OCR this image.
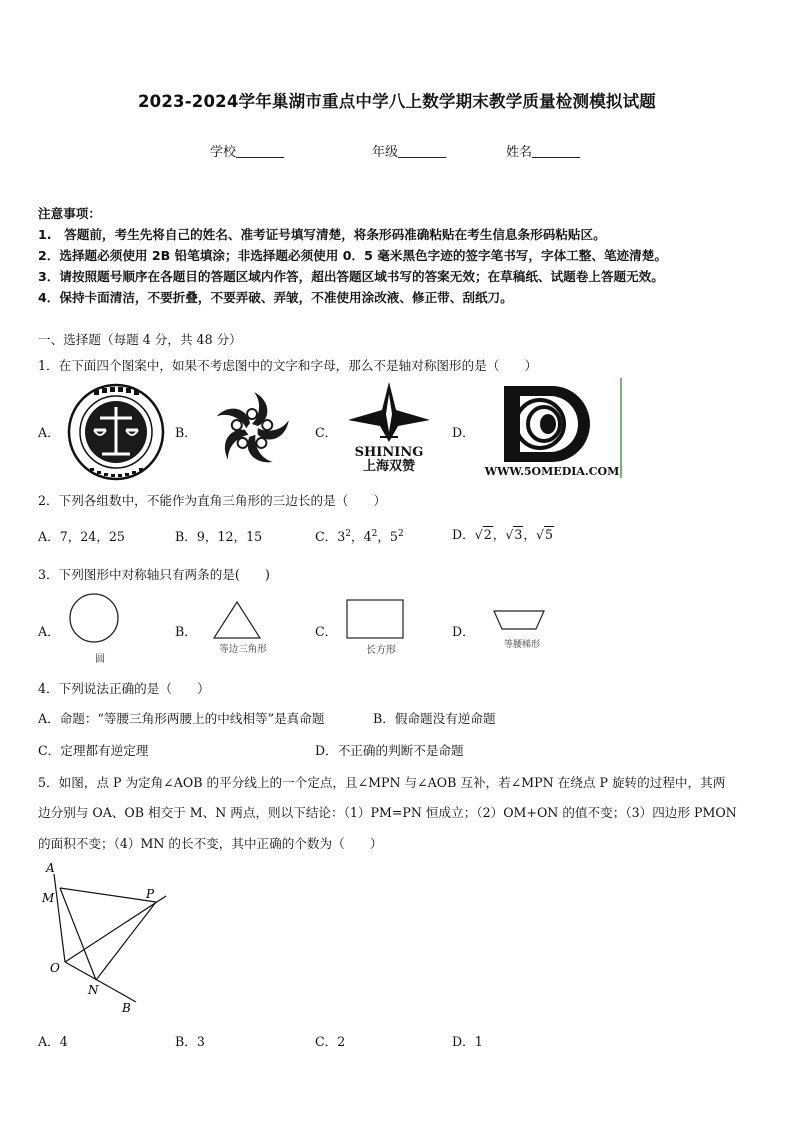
2023-2024学年巢湖市重点中学八上数学期末教学质量检测模拟试题
学校	年级	姓名
注意事项：
1.　答题前，考生先将自己的姓名、准考证号填写清楚，将条形码准确粘贴在考生信息条形码粘贴区。
2．选择题必须使用 2B 铅笔填涂；非选择题必须使用 0．5 毫米黑色字迹的签字笔书写，字体工整、笔迹清楚。
3．请按照题号顺序在各题目的答题区域内作答，超出答题区域书写的答案无效；在草稿纸、试题卷上答题无效。
4．保持卡面清洁，不要折叠，不要弄破、弄皱，不准使用涂改液、修正带、刮纸刀。
一、选择题（每题 4 分，共 48 分）
1．在下面四个图案中，如果不考虑图中的文字和字母，那么不是轴对称图形的是（　　）
A．	B．	C．	D．
SHINING
上海双赞	WWW.5OMEDIA.COM
2．下列各组数中，不能作为直角三角形的三边长的是（　　）
A．7，24，25	B．9，12，15	C．$3^2$，$4^2$，$5^2$	D．√2，√3，√5
3．下列图形中对称轴只有两条的是(　　)
A．	B．	C．	D．
圆
等边三角形	长方形	等腰梯形
4．下列说法正确的是（　　）
A．命题：“等腰三角形两腰上的中线相等”是真命题	B．假命题没有逆命题
C．定理都有逆定理	D．不正确的判断不是命题
5．如图，点 P 为定角∠AOB 的平分线上的一个定点，且∠MPN 与∠AOB 互补，若∠MPN 在绕点 P 旋转的过程中，其两
边分别与 OA、OB 相交于 M、N 两点，则以下结论：（1）PM=PN 恒成立；（2）OM+ON 的值不变；（3）四边形 PMON
的面积不变；（4）MN 的长不变，其中正确的个数为（　　）
A
M	P
O
N
B
A．4	B．3	C．2	D．1
